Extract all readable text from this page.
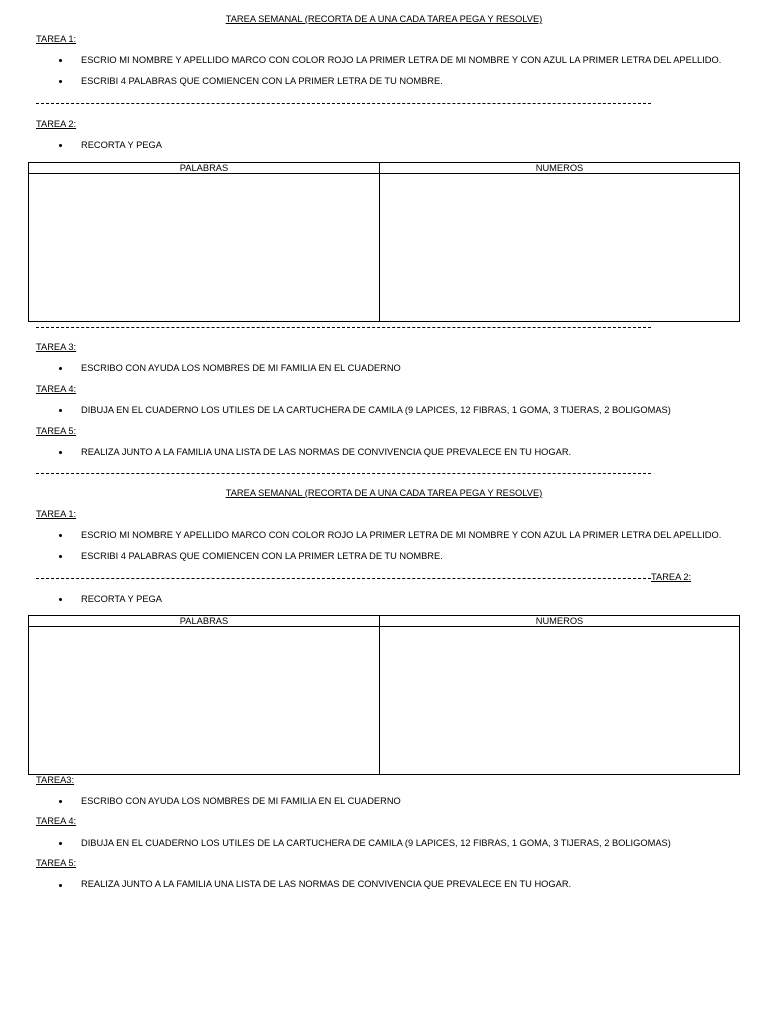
TAREA SEMANAL (RECORTA DE A UNA CADA TAREA PEGA Y RESOLVE)
TAREA 1:
ESCRIO MI NOMBRE Y APELLIDO MARCO CON COLOR ROJO LA PRIMER LETRA DE MI NOMBRE Y CON AZUL LA PRIMER LETRA DEL APELLIDO.
ESCRIBI 4 PALABRAS QUE COMIENCEN CON LA PRIMER LETRA DE TU NOMBRE.
TAREA 2:
RECORTA Y PEGA
PALABRAS	NUMEROS

TAREA 3:
ESCRIBO CON AYUDA LOS NOMBRES DE MI FAMILIA EN EL CUADERNO
TAREA 4:
DIBUJA EN EL CUADERNO LOS UTILES DE LA CARTUCHERA DE CAMILA (9 LAPICES, 12 FIBRAS, 1 GOMA, 3 TIJERAS, 2 BOLIGOMAS)
TAREA 5:
REALIZA JUNTO A LA FAMILIA UNA LISTA DE LAS NORMAS DE CONVIVENCIA QUE PREVALECE EN TU HOGAR.
TAREA SEMANAL (RECORTA DE A UNA CADA TAREA PEGA Y RESOLVE)
TAREA 1:
ESCRIO MI NOMBRE Y APELLIDO MARCO CON COLOR ROJO LA PRIMER LETRA DE MI NOMBRE Y CON AZUL LA PRIMER LETRA DEL APELLIDO.
ESCRIBI 4 PALABRAS QUE COMIENCEN CON LA PRIMER LETRA DE TU NOMBRE.
TAREA 2:
RECORTA Y PEGA
PALABRAS	NUMEROS

TAREA3:
ESCRIBO CON AYUDA LOS NOMBRES DE MI FAMILIA EN EL CUADERNO
TAREA 4:
DIBUJA EN EL CUADERNO LOS UTILES DE LA CARTUCHERA DE CAMILA (9 LAPICES, 12 FIBRAS, 1 GOMA, 3 TIJERAS, 2 BOLIGOMAS)
TAREA 5:
REALIZA JUNTO A LA FAMILIA UNA LISTA DE LAS NORMAS DE CONVIVENCIA QUE PREVALECE EN TU HOGAR.
